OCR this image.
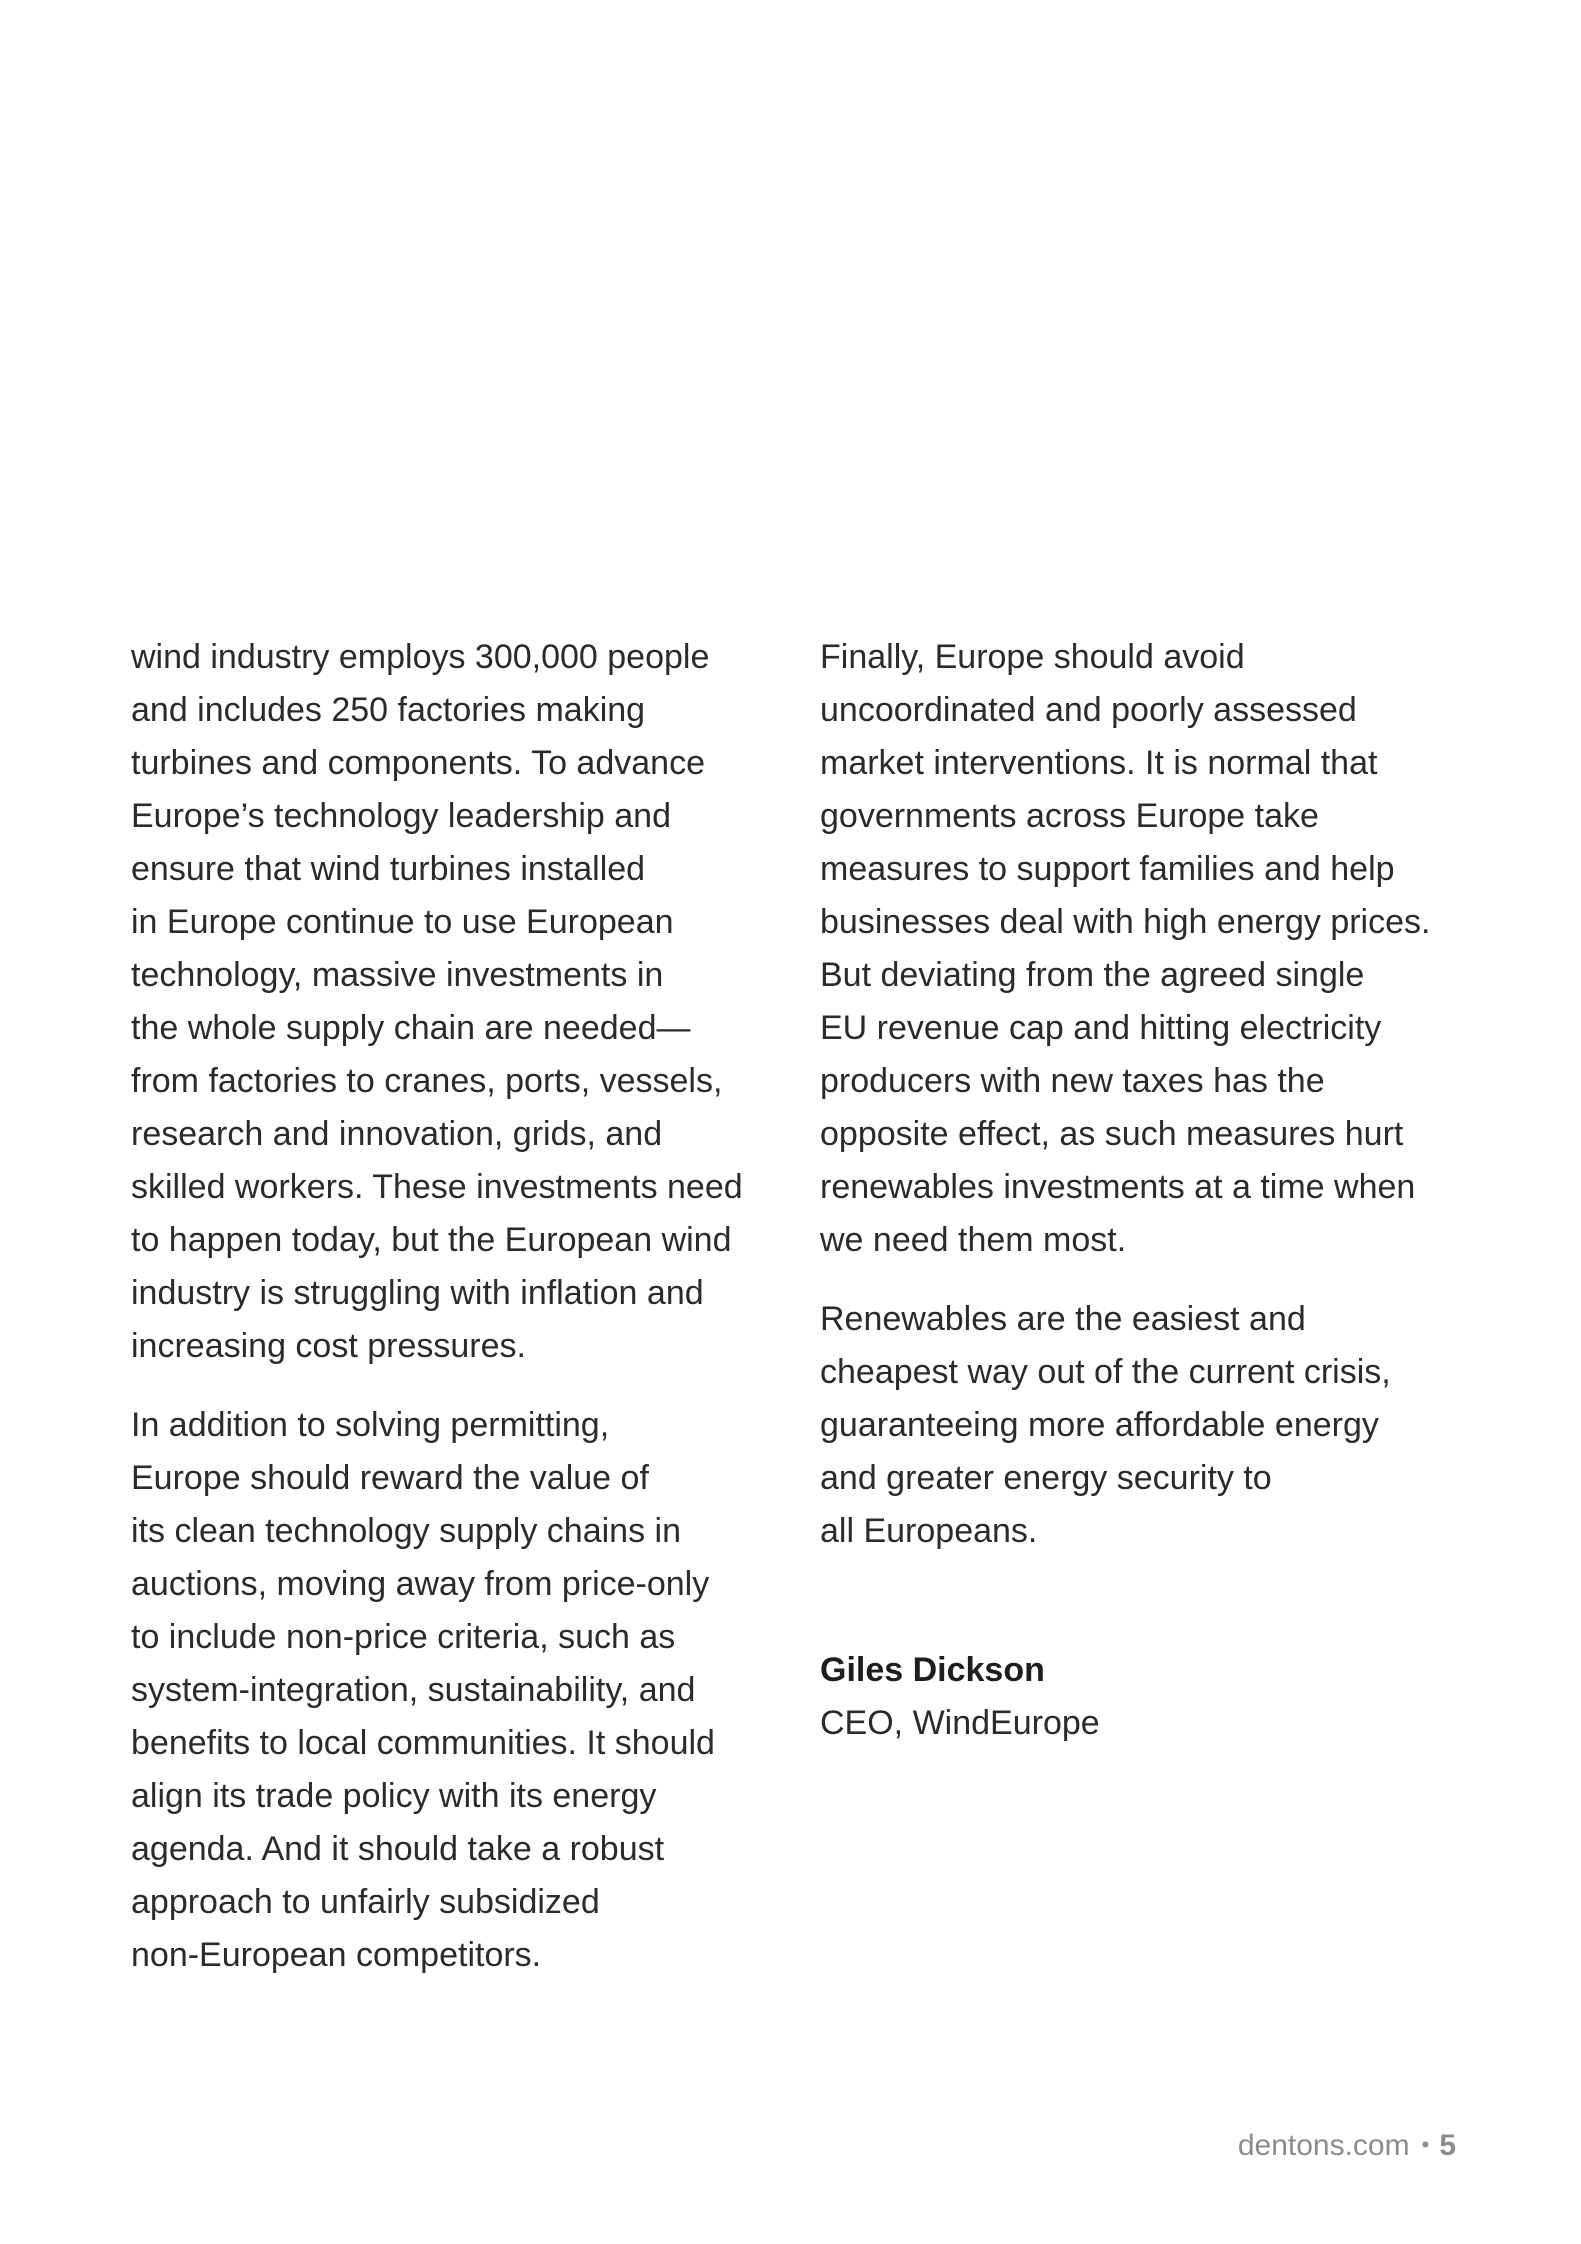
wind industry employs 300,000 people
and includes 250 factories making
turbines and components. To advance
Europe’s technology leadership and
ensure that wind turbines installed
in Europe continue to use European
technology, massive investments in
the whole supply chain are needed—
from factories to cranes, ports, vessels,
research and innovation, grids, and
skilled workers. These investments need
to happen today, but the European wind
industry is struggling with inflation and
increasing cost pressures.

In addition to solving permitting,
Europe should reward the value of
its clean technology supply chains in
auctions, moving away from price-only
to include non-price criteria, such as
system-integration, sustainability, and
benefits to local communities. It should
align its trade policy with its energy
agenda. And it should take a robust
approach to unfairly subsidized
non-European competitors.

Finally, Europe should avoid
uncoordinated and poorly assessed
market interventions. It is normal that
governments across Europe take
measures to support families and help
businesses deal with high energy prices.
But deviating from the agreed single
EU revenue cap and hitting electricity
producers with new taxes has the
opposite effect, as such measures hurt
renewables investments at a time when
we need them most.

Renewables are the easiest and
cheapest way out of the current crisis,
guaranteeing more affordable energy
and greater energy security to
all Europeans.

Giles Dickson
CEO, WindEurope
dentons.com • 5
